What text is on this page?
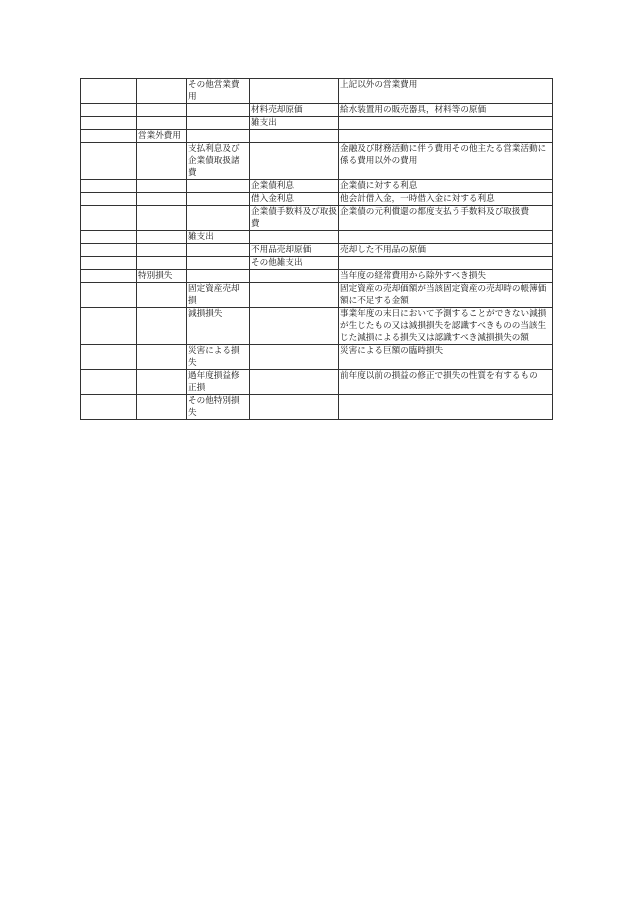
		その他営業費用		上記以外の営業費用
			材料売却原価	給水装置用の販売器具，材料等の原価
			雑支出	
	営業外費用			
		支払利息及び企業債取扱諸費		金融及び財務活動に伴う費用その他主たる営業活動に係る費用以外の費用
			企業債利息	企業債に対する利息
			借入金利息	他会計借入金，一時借入金に対する利息
			企業債手数料及び取扱費	企業債の元利償還の都度支払う手数料及び取扱費
		雑支出		
			不用品売却原価	売却した不用品の原価
			その他雑支出	
	特別損失			当年度の経常費用から除外すべき損失
		固定資産売却損		固定資産の売却価額が当該固定資産の売却時の帳簿価額に不足する金額
		減損損失		事業年度の末日において予測することができない減損が生じたもの又は減損損失を認識すべきものの当該生じた減損による損失又は認識すべき減損損失の額
		災害による損失		災害による巨額の臨時損失
		過年度損益修正損		前年度以前の損益の修正で損失の性質を有するもの
		その他特別損失		
